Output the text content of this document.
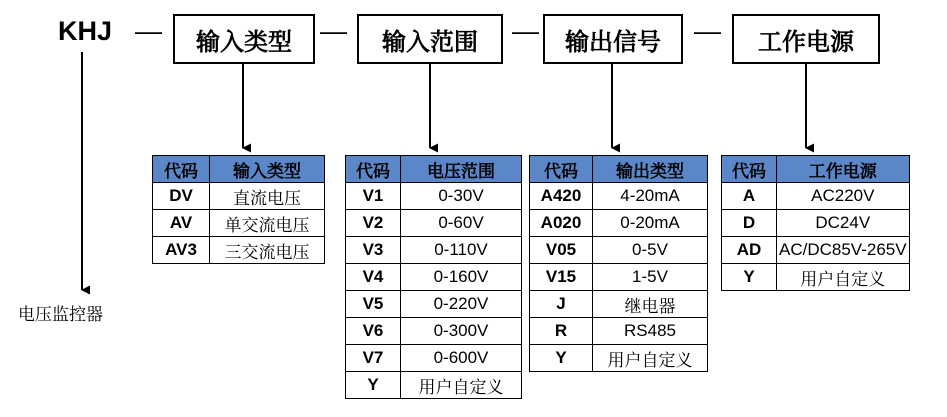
KHJ — 输入类型 — 输入范围 — 输出信号 — 工作电源
电压监控器
代码	输入类型
DV	直流电压
AV	单交流电压
AV3	三交流电压
代码	电压范围
V1	0-30V
V2	0-60V
V3	0-110V
V4	0-160V
V5	0-220V
V6	0-300V
V7	0-600V
Y	用户自定义
代码	输出类型
A420	4-20mA
A020	0-20mA
V05	0-5V
V15	1-5V
J	继电器
R	RS485
Y	用户自定义
代码	工作电源
A	AC220V
D	DC24V
AD	AC/DC85V-265V
Y	用户自定义
